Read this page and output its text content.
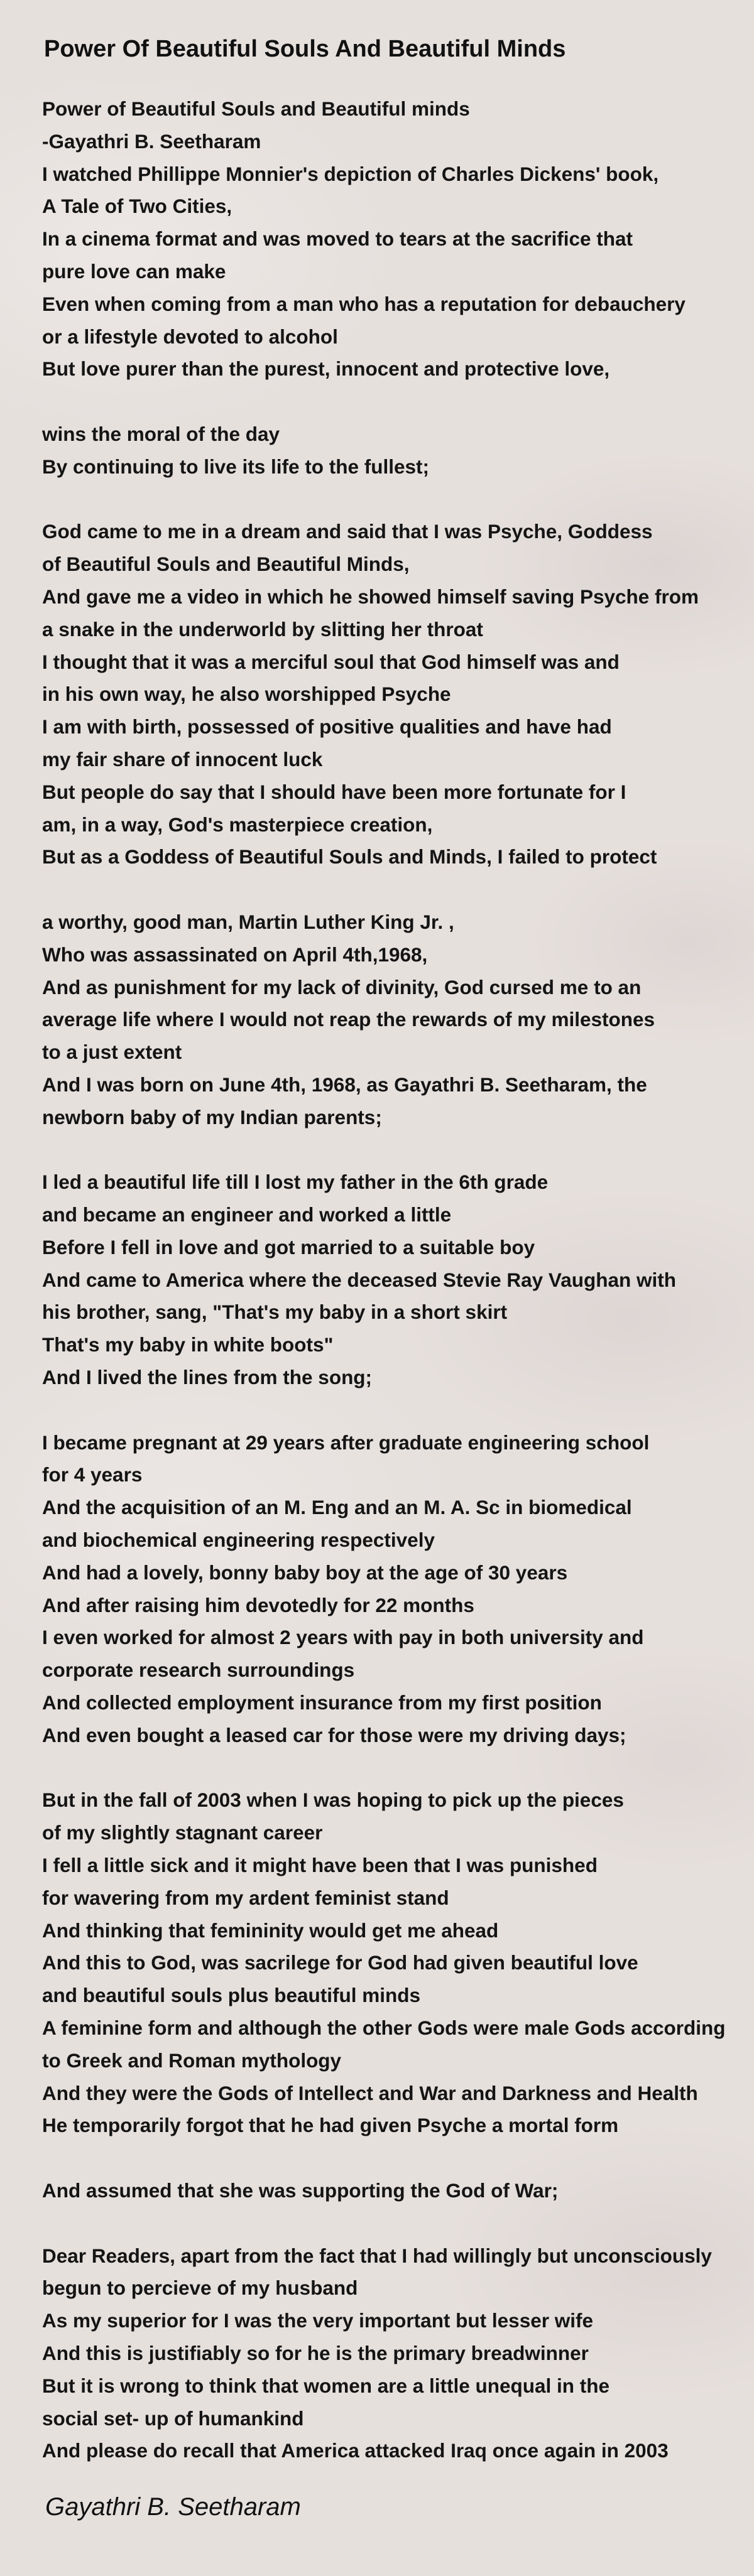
Power Of Beautiful Souls And Beautiful Minds
Power of Beautiful Souls and Beautiful minds
-Gayathri B. Seetharam
I watched Phillippe Monnier's depiction of Charles Dickens' book,
A Tale of Two Cities,
In a cinema format and was moved to tears at the sacrifice that
pure love can make
Even when coming from a man who has a reputation for debauchery
or a lifestyle devoted to alcohol
But love purer than the purest, innocent and protective love,
wins the moral of the day
By continuing to live its life to the fullest;
God came to me in a dream and said that I was Psyche, Goddess
of Beautiful Souls and Beautiful Minds,
And gave me a video in which he showed himself saving Psyche from
a snake in the underworld by slitting her throat
I thought that it was a merciful soul that God himself was and
in his own way, he also worshipped Psyche
I am with birth, possessed of positive qualities and have had
my fair share of innocent luck
But people do say that I should have been more fortunate for I
am, in a way, God's masterpiece creation,
But as a Goddess of Beautiful Souls and Minds, I failed to protect
a worthy, good man, Martin Luther King Jr. ,
Who was assassinated on April 4th,1968,
And as punishment for my lack of divinity, God cursed me to an
average life where I would not reap the rewards of my milestones
to a just extent
And I was born on June 4th, 1968, as Gayathri B. Seetharam, the
newborn baby of my Indian parents;
I led a beautiful life till I lost my father in the 6th grade
and became an engineer and worked a little
Before I fell in love and got married to a suitable boy
And came to America where the deceased Stevie Ray Vaughan with
his brother, sang, "That's my baby in a short skirt
That's my baby in white boots"
And I lived the lines from the song;
I became pregnant at 29 years after graduate engineering school
for 4 years
And the acquisition of an M. Eng and an M. A. Sc in biomedical
and biochemical engineering respectively
And had a lovely, bonny baby boy at the age of 30 years
And after raising him devotedly for 22 months
I even worked for almost 2 years with pay in both university and
corporate research surroundings
And collected employment insurance from my first position
And even bought a leased car for those were my driving days;
But in the fall of 2003 when I was hoping to pick up the pieces
of my slightly stagnant career
I fell a little sick and it might have been that I was punished
for wavering from my ardent feminist stand
And thinking that femininity would get me ahead
And this to God, was sacrilege for God had given beautiful love
and beautiful souls plus beautiful minds
A feminine form and although the other Gods were male Gods according
to Greek and Roman mythology
And they were the Gods of Intellect and War and Darkness and Health
He temporarily forgot that he had given Psyche a mortal form
And assumed that she was supporting the God of War;
Dear Readers, apart from the fact that I had willingly but unconsciously
begun to percieve of my husband
As my superior for I was the very important but lesser wife
And this is justifiably so for he is the primary breadwinner
But it is wrong to think that women are a little unequal in the
social set- up of humankind
And please do recall that America attacked Iraq once again in 2003
Gayathri B. Seetharam
